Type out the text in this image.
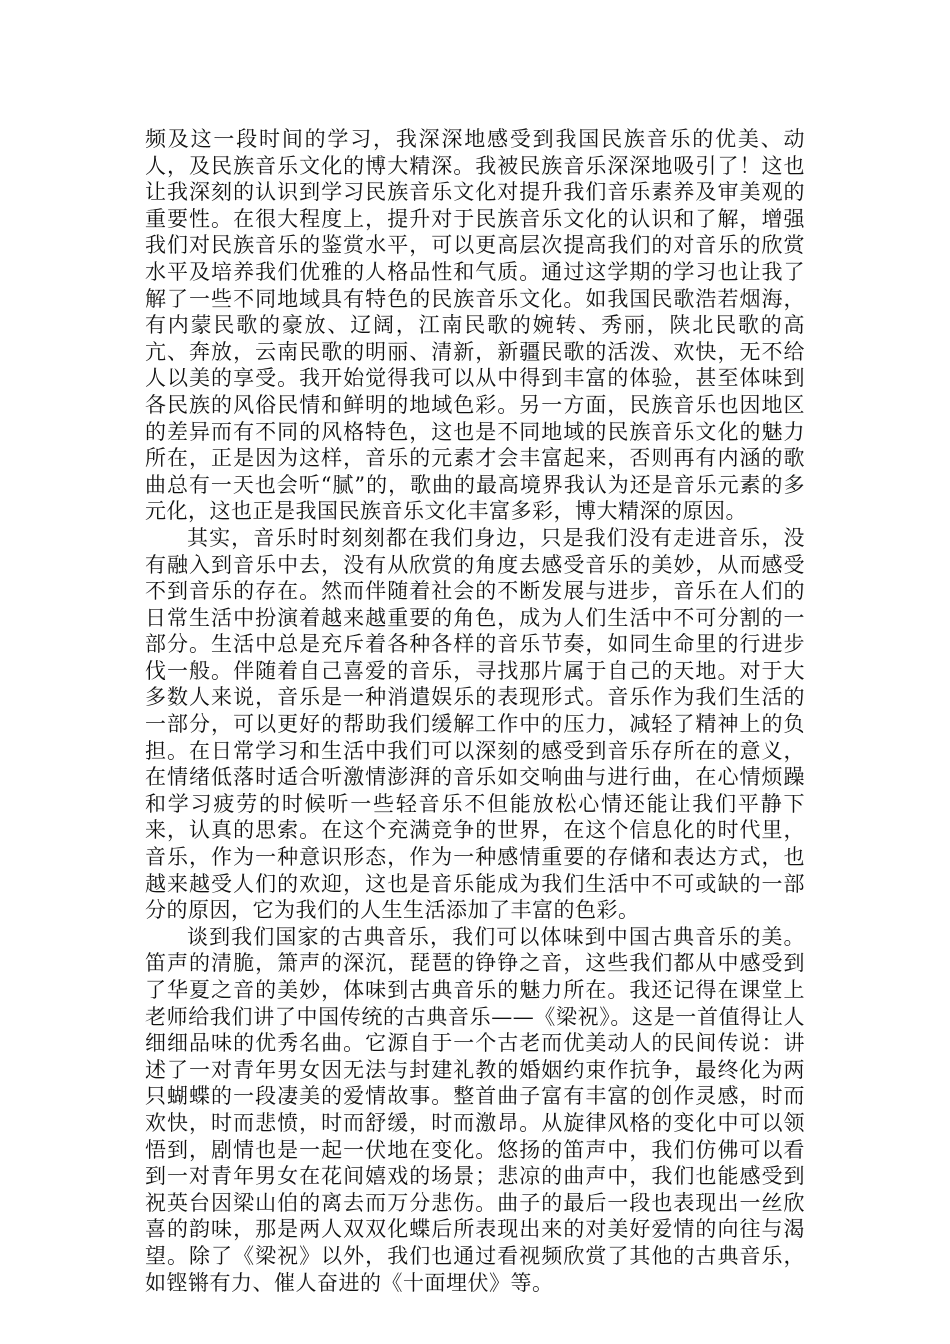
频及这一段时间的学习，我深深地感受到我国民族音乐的优美、动人，及民族音乐文化的博大精深。我被民族音乐深深地吸引了！这也让我深刻的认识到学习民族音乐文化对提升我们音乐素养及审美观的重要性。在很大程度上，提升对于民族音乐文化的认识和了解，增强我们对民族音乐的鉴赏水平，可以更高层次提高我们的对音乐的欣赏水平及培养我们优雅的人格品性和气质。通过这学期的学习也让我了解了一些不同地域具有特色的民族音乐文化。如我国民歌浩若烟海，有内蒙民歌的豪放、辽阔，江南民歌的婉转、秀丽，陕北民歌的高亢、奔放，云南民歌的明丽、清新，新疆民歌的活泼、欢快，无不给人以美的享受。我开始觉得我可以从中得到丰富的体验，甚至体味到各民族的风俗民情和鲜明的地域色彩。另一方面，民族音乐也因地区的差异而有不同的风格特色，这也是不同地域的民族音乐文化的魅力所在，正是因为这样，音乐的元素才会丰富起来，否则再有内涵的歌曲总有一天也会听“腻”的，歌曲的最高境界我认为还是音乐元素的多元化，这也正是我国民族音乐文化丰富多彩，博大精深的原因。

其实，音乐时时刻刻都在我们身边，只是我们没有走进音乐，没有融入到音乐中去，没有从欣赏的角度去感受音乐的美妙，从而感受不到音乐的存在。然而伴随着社会的不断发展与进步，音乐在人们的日常生活中扮演着越来越重要的角色，成为人们生活中不可分割的一部分。生活中总是充斥着各种各样的音乐节奏，如同生命里的行进步伐一般。伴随着自己喜爱的音乐，寻找那片属于自己的天地。对于大多数人来说，音乐是一种消遣娱乐的表现形式。音乐作为我们生活的一部分，可以更好的帮助我们缓解工作中的压力，减轻了精神上的负担。在日常学习和生活中我们可以深刻的感受到音乐存所在的意义，在情绪低落时适合听激情澎湃的音乐如交响曲与进行曲，在心情烦躁和学习疲劳的时候听一些轻音乐不但能放松心情还能让我们平静下来，认真的思索。在这个充满竞争的世界，在这个信息化的时代里，音乐，作为一种意识形态，作为一种感情重要的存储和表达方式，也越来越受人们的欢迎，这也是音乐能成为我们生活中不可或缺的一部分的原因，它为我们的人生生活添加了丰富的色彩。

谈到我们国家的古典音乐，我们可以体味到中国古典音乐的美。笛声的清脆，箫声的深沉，琵琶的铮铮之音，这些我们都从中感受到了华夏之音的美妙，体味到古典音乐的魅力所在。我还记得在课堂上老师给我们讲了中国传统的古典音乐——《梁祝》。这是一首值得让人细细品味的优秀名曲。它源自于一个古老而优美动人的民间传说：讲述了一对青年男女因无法与封建礼教的婚姻约束作抗争，最终化为两只蝴蝶的一段凄美的爱情故事。整首曲子富有丰富的创作灵感，时而欢快，时而悲愤，时而舒缓，时而激昂。从旋律风格的变化中可以领悟到，剧情也是一起一伏地在变化。悠扬的笛声中，我们仿佛可以看到一对青年男女在花间嬉戏的场景；悲凉的曲声中，我们也能感受到祝英台因梁山伯的离去而万分悲伤。曲子的最后一段也表现出一丝欣喜的韵味，那是两人双双化蝶后所表现出来的对美好爱情的向往与渴望。除了《梁祝》以外，我们也通过看视频欣赏了其他的古典音乐，如铿锵有力、催人奋进的《十面埋伏》等。
